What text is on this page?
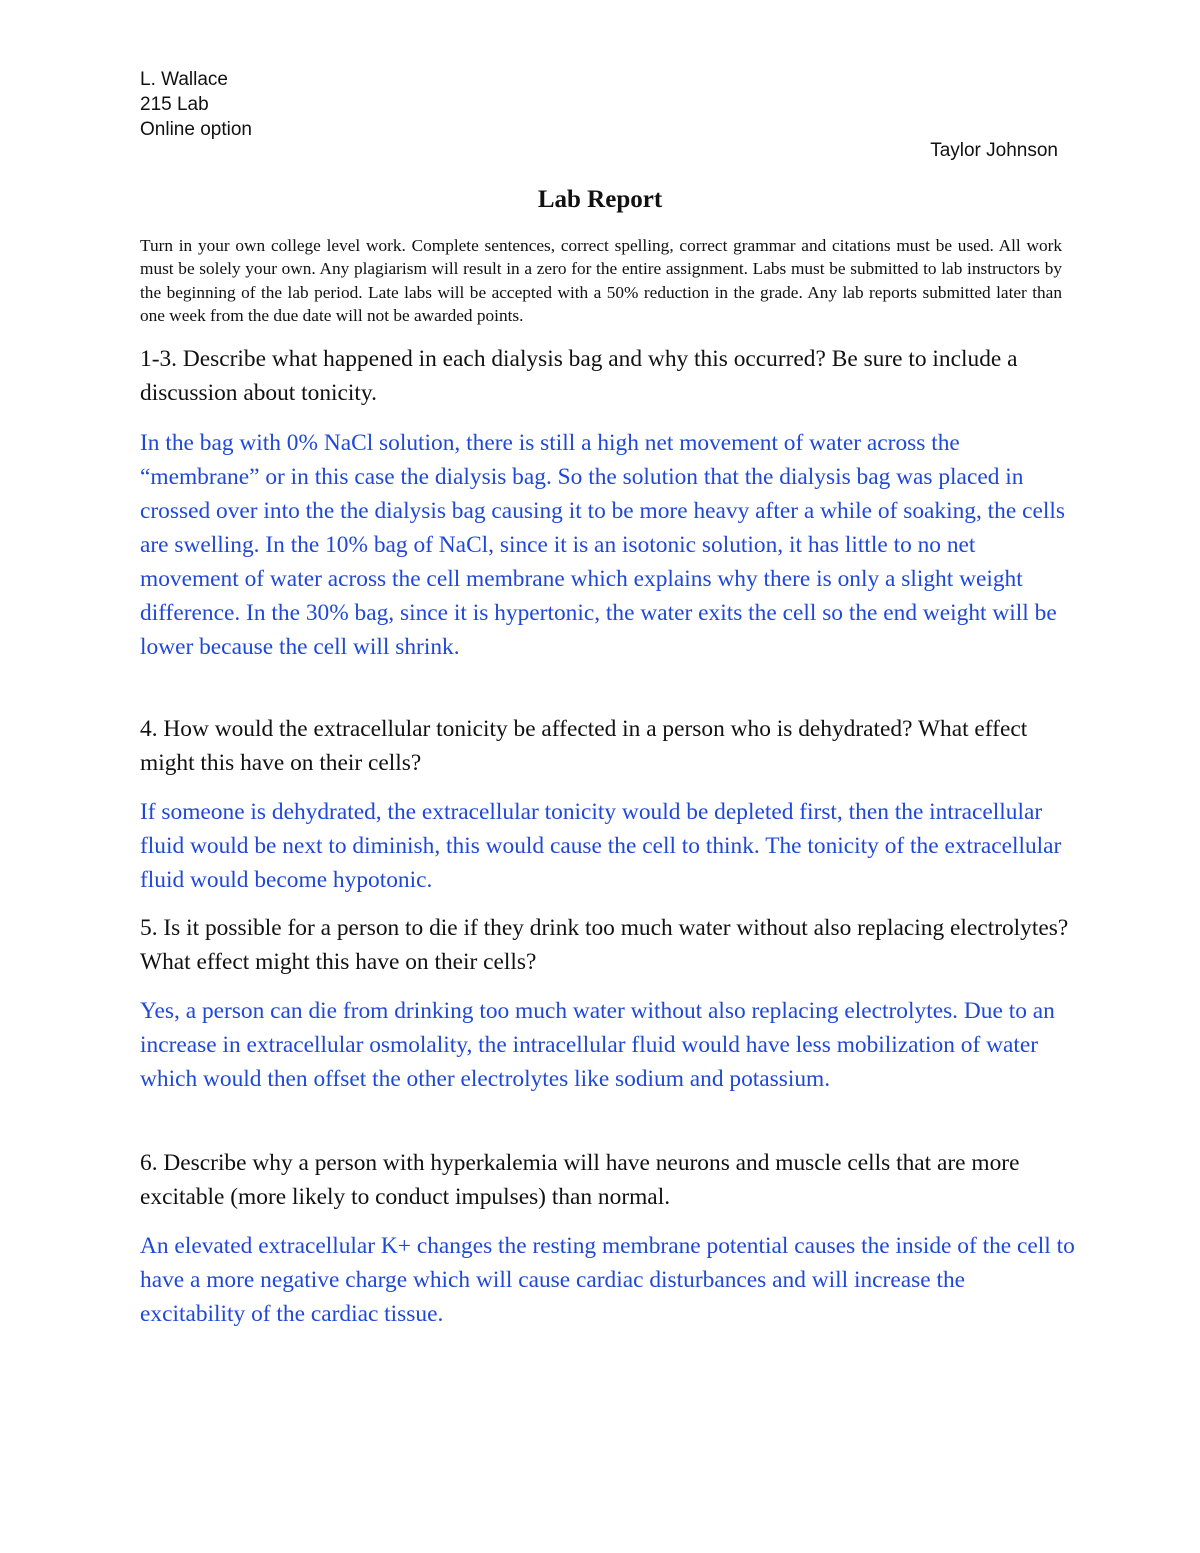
L. Wallace
215 Lab
Online option
Taylor Johnson
Lab Report

Turn in your own college level work. Complete sentences, correct spelling, correct grammar and citations must be used. All work must be solely your own. Any plagiarism will result in a zero for the entire assignment. Labs must be submitted to lab instructors by the beginning of the lab period. Late labs will be accepted with a 50% reduction in the grade. Any lab reports submitted later than one week from the due date will not be awarded points.

1-3. Describe what happened in each dialysis bag and why this occurred? Be sure to include a discussion about tonicity.

In the bag with 0% NaCl solution, there is still a high net movement of water across the “membrane” or in this case the dialysis bag. So the solution that the dialysis bag was placed in crossed over into the the dialysis bag causing it to be more heavy after a while of soaking, the cells are swelling. In the 10% bag of NaCl, since it is an isotonic solution, it has little to no net movement of water across the cell membrane which explains why there is only a slight weight difference. In the 30% bag, since it is hypertonic, the water exits the cell so the end weight will be lower because the cell will shrink.

4. How would the extracellular tonicity be affected in a person who is dehydrated? What effect might this have on their cells?

If someone is dehydrated, the extracellular tonicity would be depleted first, then the intracellular fluid would be next to diminish, this would cause the cell to think. The tonicity of the extracellular fluid would become hypotonic.

5. Is it possible for a person to die if they drink too much water without also replacing electrolytes? What effect might this have on their cells?

Yes, a person can die from drinking too much water without also replacing electrolytes. Due to an increase in extracellular osmolality, the intracellular fluid would have less mobilization of water which would then offset the other electrolytes like sodium and potassium.

6. Describe why a person with hyperkalemia will have neurons and muscle cells that are more excitable (more likely to conduct impulses) than normal.

An elevated extracellular K+ changes the resting membrane potential causes the inside of the cell to have a more negative charge which will cause cardiac disturbances and will increase the excitability of the cardiac tissue.
